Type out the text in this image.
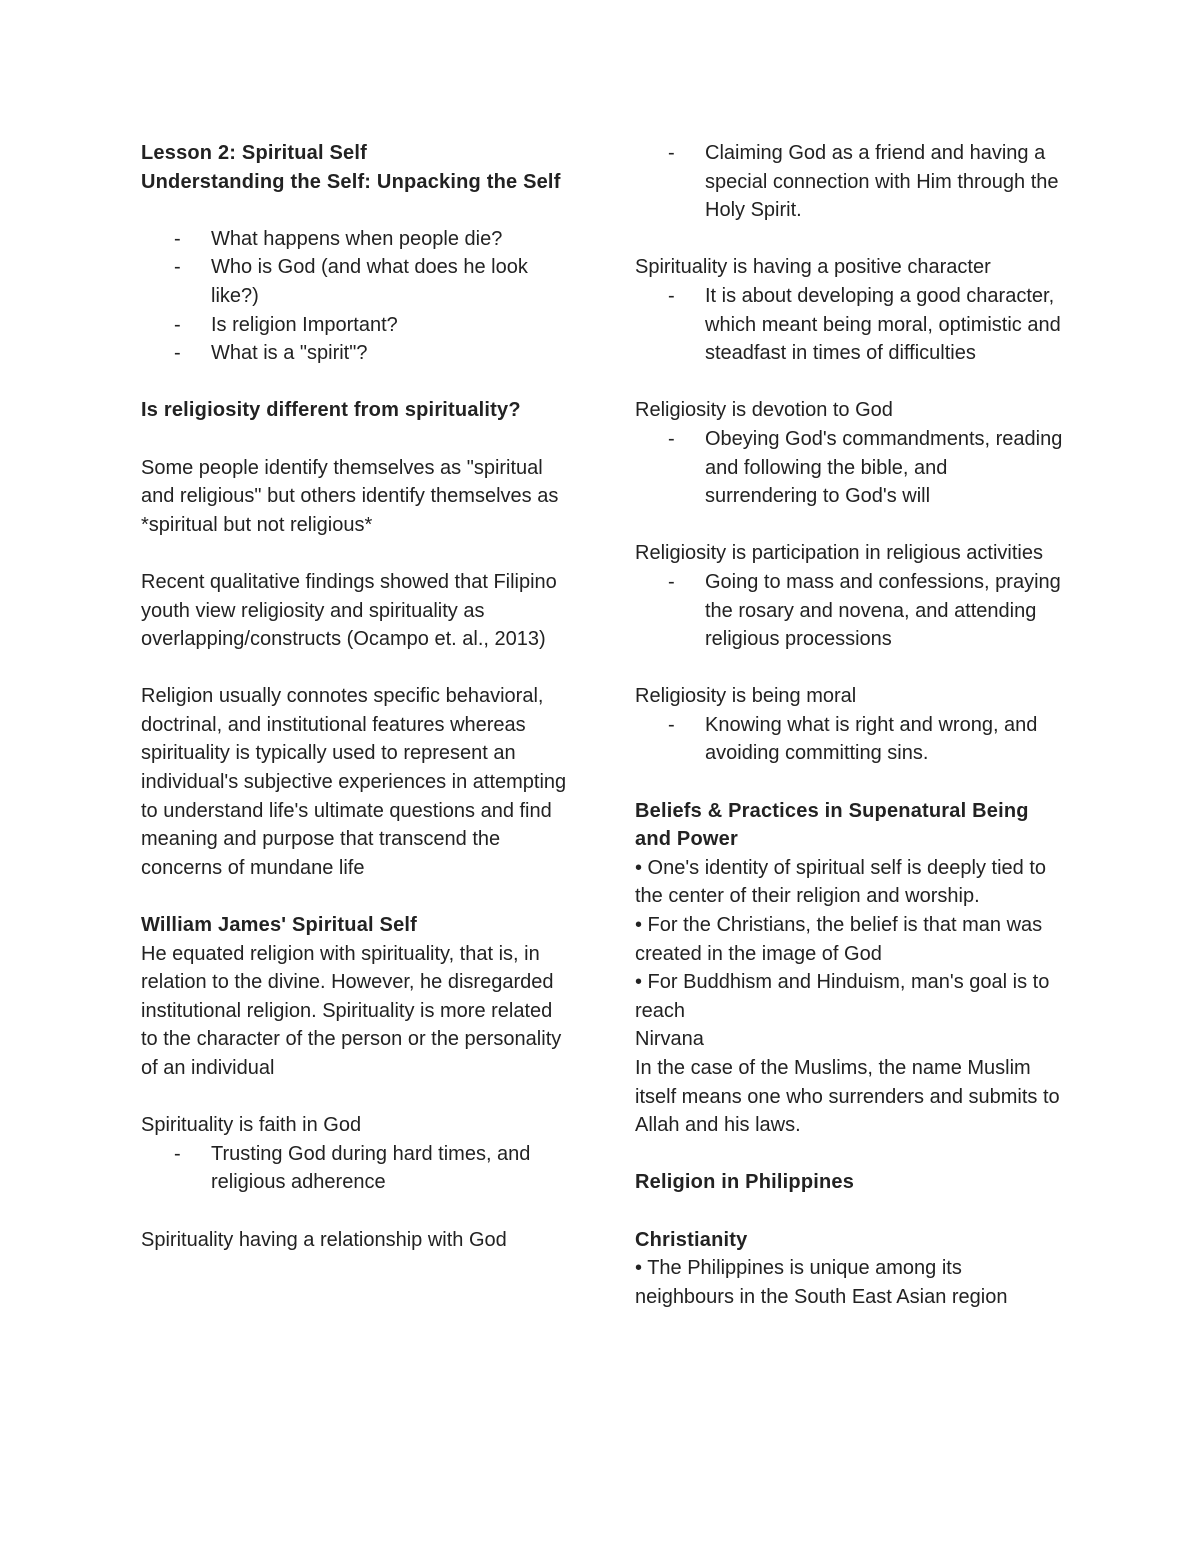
Lesson 2: Spiritual Self

Understanding the Self: Unpacking the Self

- What happens when people die?
- Who is God (and what does he look like?)
- Is religion Important?
- What is a "spirit"?

Is religiosity different from spirituality?

Some people identify themselves as "spiritual and religious" but others identify themselves as *spiritual but not religious*

Recent qualitative findings showed that Filipino youth view religiosity and spirituality as overlapping/constructs (Ocampo et. al., 2013)

Religion usually connotes specific behavioral, doctrinal, and institutional features whereas spirituality is typically used to represent an individual's subjective experiences in attempting to understand life's ultimate questions and find meaning and purpose that transcend the concerns of mundane life

William James' Spiritual Self

He equated religion with spirituality, that is, in relation to the divine. However, he disregarded institutional religion. Spirituality is more related to the character of the person or the personality of an individual

Spirituality is faith in God

- Trusting God during hard times, and religious adherence

Spirituality having a relationship with God

- Claiming God as a friend and having a special connection with Him through the Holy Spirit.

Spirituality is having a positive character

- It is about developing a good character, which meant being moral, optimistic and steadfast in times of difficulties

Religiosity is devotion to God

- Obeying God's commandments, reading and following the bible, and surrendering to God's will

Religiosity is participation in religious activities

- Going to mass and confessions, praying the rosary and novena, and attending religious processions

Religiosity is being moral

- Knowing what is right and wrong, and avoiding committing sins.

Beliefs & Practices in Supenatural Being and Power

• One's identity of spiritual self is deeply tied to the center of their religion and worship.

• For the Christians, the belief is that man was created in the image of God

• For Buddhism and Hinduism, man's goal is to reach

Nirvana

In the case of the Muslims, the name Muslim itself means one who surrenders and submits to Allah and his laws.

Religion in Philippines

Christianity

• The Philippines is unique among its neighbours in the South East Asian region
